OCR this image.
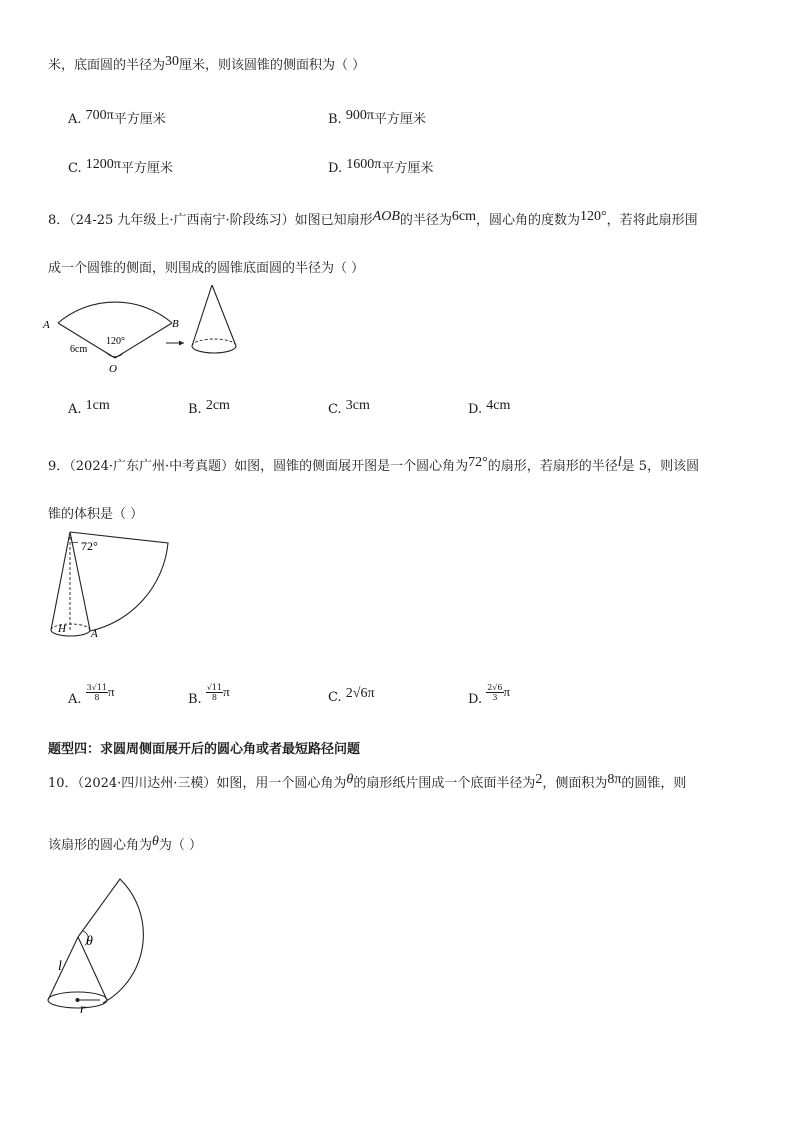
米，底面圆的半径为30厘米，则该圆锥的侧面积为（ ）
A. 700π平方厘米	B. 900π平方厘米
C. 1200π平方厘米	D. 1600π平方厘米
8．（24-25 九年级上·广西南宁·阶段练习）如图已知扇形AOB的半径为6cm，圆心角的度数为120°，若将此扇形围
成一个圆锥的侧面，则围成的圆锥底面圆的半径为（ ）
A	B
O
120°
6cm
A. 1cm	B. 2cm	C. 3cm	D. 4cm
9．（2024·广东广州·中考真题）如图，圆锥的侧面展开图是一个圆心角为72°的扇形，若扇形的半径l是 5，则该圆
锥的体积是（ ）
72°
H A
A. $\frac{3√11}{8}$ π
B. $\frac{√11}{8}$ π	C. 2√6π	D. $\frac{2√6}{3}$ π
题型四：求圆周侧面展开后的圆心角或者最短路径问题
10．（2024·四川达州·三模）如图，用一个圆心角为θ的扇形纸片围成一个底面半径为2，侧面积为8π的圆锥，则
该扇形的圆心角为θ为（ ）
θ
l
r
